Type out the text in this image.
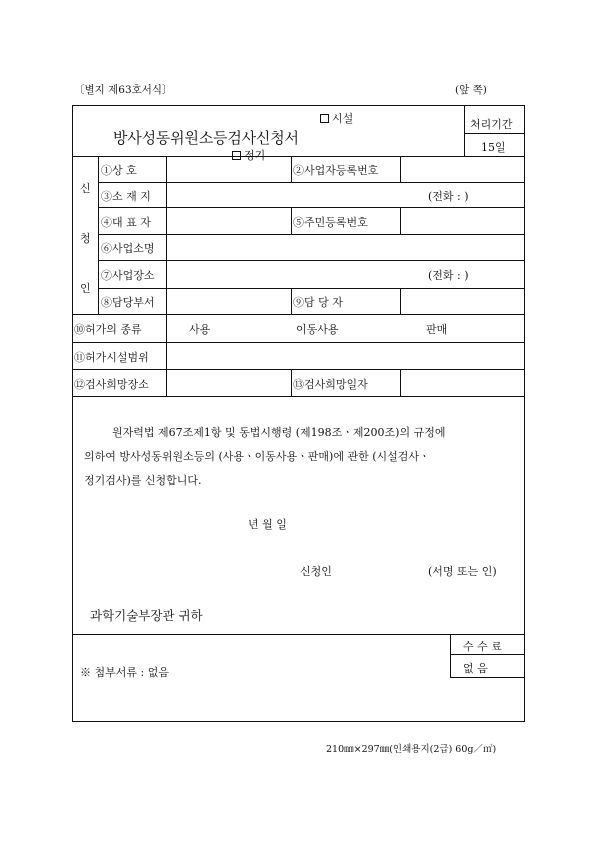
〔별지 제63호서식〕	(앞 쪽)
시설
방사성동위원소등검사신청서
정기
처리기간
15일
신
청
인
①상 호	②사업자등록번호
③소 재 지	(전화 : )
④대 표 자	⑤주민등록번호
⑥사업소명
⑦사업장소	(전화 : )
⑧담당부서	⑨담 당 자
⑩허가의 종류	사용	이동사용	판매
⑪허가시설범위
⑫검사희망장소	⑬검사희망일자
원자력법 제67조제1항 및 동법시행령 (제198조ㆍ제200조)의 규정에
의하여 방사성동위원소등의 (사용ㆍ이동사용ㆍ판매)에 관한 (시설검사ㆍ
정기검사)를 신청합니다.
년 월 일
신청인	(서명 또는 인)
과학기술부장관 귀하
수 수 료
없 음
※ 첨부서류 : 없음
210㎜×297㎜(인쇄용지(2급) 60g／㎡)
